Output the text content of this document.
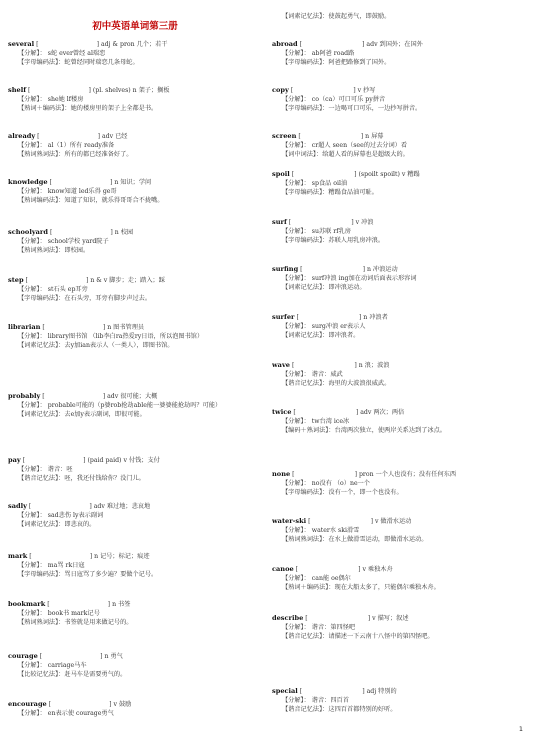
初中英语单词第三册
several [	] adj & pron 几个；若干
【分解】： s蛇 ever曾经 al瑞恋
【字母编码法】：蛇曾经同时瑞恋几条母蛇。
shelf [	] (pl. shelves) n 架子；搁板
【分解】： she她 lf楼房
【熟词＋编码法】：她的楼房里的架子上全都是书。
already [	] adv 已经
【分解】： al（1）所有 ready准备
【熟词熟词法】：所有的都已经准备好了。
knowledge [	] n 知识；学问
【分解】： know知道 led乐得 ge哥
【熟词编码法】：知道了知识，就乐得哥哥合不拢嘴。
schoolyard [	] n 校园
【分解】： school学校 yard院子
【熟词熟词法】：即校园。
step [	] n & v 脚步；走；踏入；踩
【分解】： st石头 ep耳旁
【字母编码法】：在石头旁，耳旁有脚步声过去。
librarian [	] n 图书管理员
【分解】： library图书馆 （lib李白ra热爱ry日语，所以泡图书馆）
【词素记忆法】：去y加ian表示人（一类人），即图书馆。
probably [	] adv 很可能；大概
【分解】： probable可能的（p婆rob抢劫able能一婆婆能抢劫吗？可能）
【词素记忆法】：去e加y表示副词，即很可能。
pay [	] (paid paid) v 付钱；支付
【分解】： 谐音：呸
【谐音记忆法】：呸，我还付钱给你？没门儿。
sadly [	] adv 难过地；悲哀地
【分解】： sad悲伤 ly表示副词
【词素记忆法】：即悲哀的。
mark [	] n 记号；标记；痕迹
【分解】： ma骂 rk日寇
【字母编码法】：骂日寇骂了多少遍？要做个记号。
bookmark [	] n 书签
【分解】： book书 mark记号
【熟词熟词法】：书签就是用来做记号的。
courage [	] n 勇气
【分解】： carriage马车
【比较记忆法】：赶马车是需要勇气的。
encourage [	] v 鼓励
【分解】： en表示使 courage勇气
【词素记忆法】：使鼓起勇气，即鼓励。
abroad [	] adv 到国外；在国外
【分解】： ab阿爸 road路
【字母编码法】：阿爸把路修到了国外。
copy [	] v 抄写
【分解】： co（ca）可口可乐 py拼音
【字母编码法】：一边喝可口可乐，一边抄写拼音。
screen [	] n 屏幕
【分解】： cr超人 seen（see的过去分词）看
【词中词法】：给超人看的屏幕也是超级大的。
spoil [	] (spoilt spoilt) v 糟蹋
【分解】： sp食品 oil油
【字母编码法】：糟蹋食品油可耻。
surf [	] v 冲浪
【分解】： su苏联 rf乳房
【字母编码法】：苏联人用乳房冲浪。
surfing [	] n 冲浪运动
【分解】： surf冲浪 ing加在动词后面表示形容词
【词素记忆法】：即冲浪运动。
surfer [	] n 冲浪者
【分解】： surg冲浪 er表示人
【词素记忆法】：即冲浪者。
wave [	] n 浪；波浪
【分解】： 谐音：威武
【谐音记忆法】：海里的大波浪很威武。
twice [	] adv 两次；两倍
【分解】： tw台湾 ice冰
【编码＋熟词法】：台湾两次独立，使两岸关系达到了冰点。
none [	] pron 一个人也没有；没有任何东西
【分解】： no没有 （o）ne一个
【字母编码法】：没有一个，即一个也没有。
water-ski [	] v 做滑水运动
【分解】： water水 ski滑雪
【熟词熟词法】：在水上做滑雪运动，即做滑水运动。
canoe [	] v 乘独木舟
【分解】： can能 oe偶尔
【熟词＋编码法】：现在大船太多了，只能偶尔乘独木舟。
describe [	] v 描写；叙述
【分解】： 谐音：第四怪吧
【谐音记忆法】：请描述一下云南十八怪中的第四怪吧。
special [	] adj 特别的
【分解】： 谐音：四百首
【谐音记忆法】：这四百首都特别的好听。
1
